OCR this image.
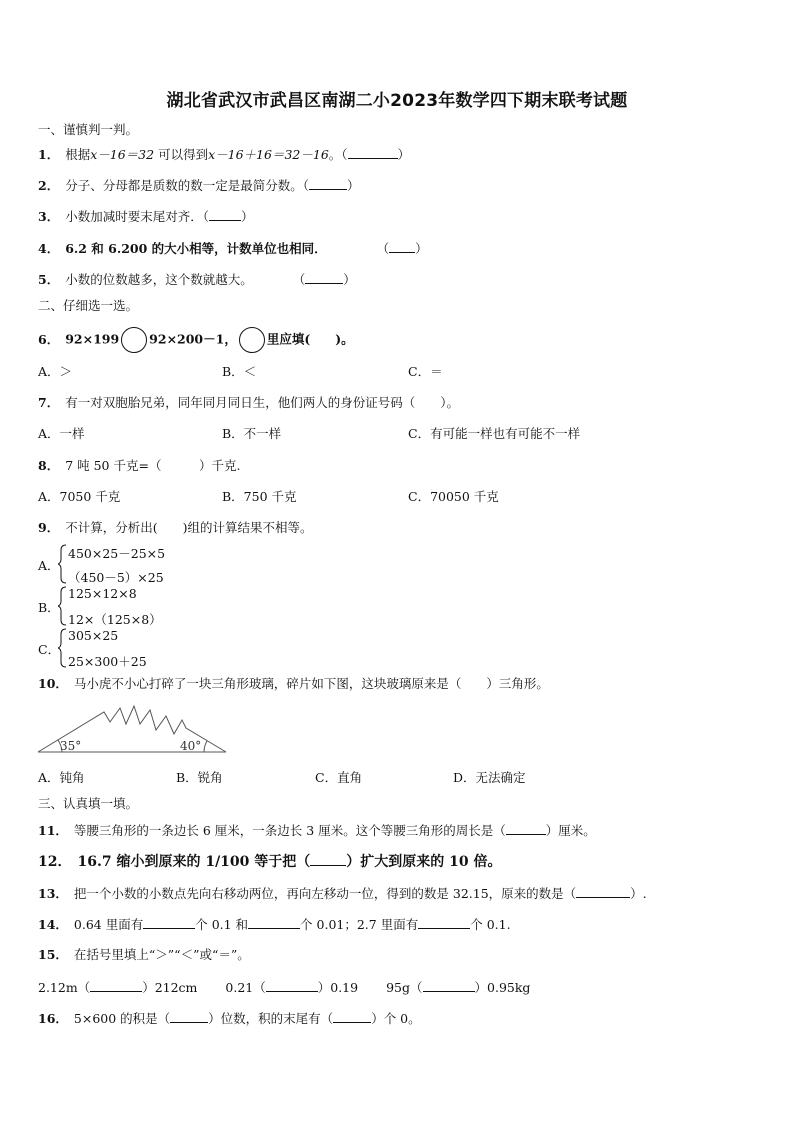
湖北省武汉市武昌区南湖二小2023年数学四下期末联考试题
一、谨慎判一判。
1． 根据x－16＝32 可以得到x－16＋16＝32－16。（	）
2． 分子、分母都是质数的数一定是最简分数。（	）
3． 小数加减时要末尾对齐．（	）
4． 6.2 和 6.200 的大小相等，计数单位也相同．	（ ）
5． 小数的位数越多，这个数就越大。	（	）
二、仔细选一选。
6． 92×199 92×200－1， 里应填(　　)。
A．＞	B．＜	C．＝
7． 有一对双胞胎兄弟，同年同月同日生，他们两人的身份证号码（　　）。
A．一样	B．不一样	C．有可能一样也有可能不一样
8． 7 吨 50 千克=（　　　）千克.
A．7050 千克	B．750 千克	C．70050 千克
9． 不计算，分析出(　　)组的计算结果不相等。
A．
450×25－25×5
（450－5）×25
B．
125×12×8
12×（125×8）
C．
305×25
25×300＋25
10． 马小虎不小心打碎了一块三角形玻璃，碎片如下图，这块玻璃原来是（　　）三角形。
35°	40°
A．钝角	B．锐角	C．直角	D．无法确定
三、认真填一填。
11． 等腰三角形的一条边长 6 厘米，一条边长 3 厘米。这个等腰三角形的周长是（	）厘米。
12． 16.7 缩小到原来的 1/100 等于把（	）扩大到原来的 10 倍。
13． 把一个小数的小数点先向右移动两位，再向左移动一位，得到的数是 32.15，原来的数是（	）.
14． 0.64 里面有	个 0.1 和	个 0.01；2.7 里面有	个 0.1.
15． 在括号里填上“＞”“＜”或“＝”。
2.12m（	）212cm 0.21（	）0.19 95g（	）0.95kg
16． 5×600 的积是（	）位数，积的末尾有（	）个 0。
